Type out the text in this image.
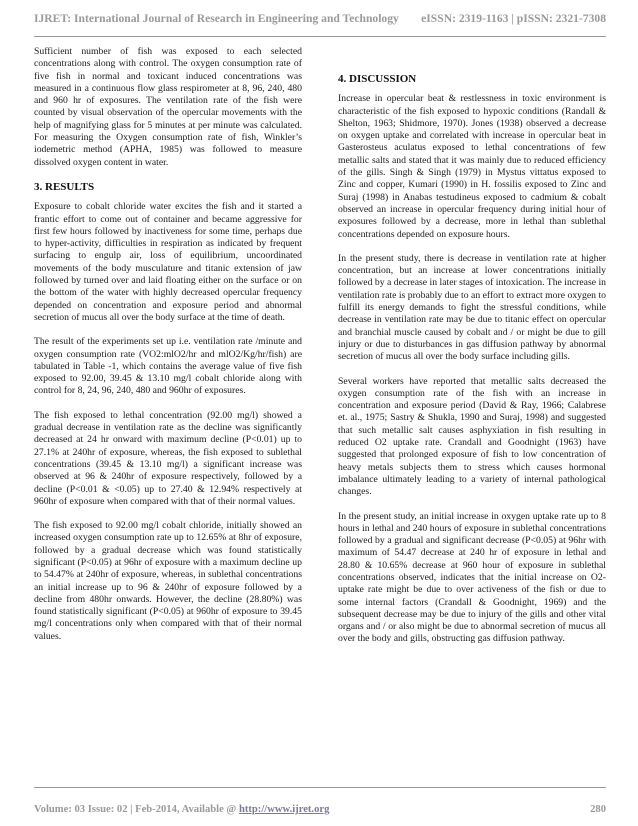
IJRET: International Journal of Research in Engineering and Technology eISSN: 2319-1163 | pISSN: 2321-7308

Sufficient number of fish was exposed to each selected concentrations along with control. The oxygen consumption rate of five fish in normal and toxicant induced concentrations was measured in a continuous flow glass respirometer at 8, 96, 240, 480 and 960 hr of exposures. The ventilation rate of the fish were counted by visual observation of the opercular movements with the help of magnifying glass for 5 minutes at per minute was calculated. For measuring the Oxygen consumption rate of fish, Winkler’s iodemetric method (APHA, 1985) was followed to measure dissolved oxygen content in water.

3. RESULTS

Exposure to cobalt chloride water excites the fish and it started a frantic effort to come out of container and became aggressive for first few hours followed by inactiveness for some time, perhaps due to hyper-activity, difficulties in respiration as indicated by frequent surfacing to engulp air, loss of equilibrium, uncoordinated movements of the body musculature and titanic extension of jaw followed by turned over and laid floating either on the surface or on the bottom of the water with highly decreased opercular frequency depended on concentration and exposure period and abnormal secretion of mucus all over the body surface at the time of death.

The result of the experiments set up i.e. ventilation rate /minute and oxygen consumption rate (VO2:mlO2/hr and mlO2/Kg/hr/fish) are tabulated in Table -1, which contains the average value of five fish exposed to 92.00, 39.45 & 13.10 mg/l cobalt chloride along with control for 8, 24, 96, 240, 480 and 960hr of exposures.

The fish exposed to lethal concentration (92.00 mg/l) showed a gradual decrease in ventilation rate as the decline was significantly decreased at 24 hr onward with maximum decline (P<0.01) up to 27.1% at 240hr of exposure, whereas, the fish exposed to sublethal concentrations (39.45 & 13.10 mg/l) a significant increase was observed at 96 & 240hr of exposure respectively, followed by a decline (P<0.01 & <0.05) up to 27.40 & 12.94% respectively at 960hr of exposure when compared with that of their normal values.

The fish exposed to 92.00 mg/l cobalt chloride, initially showed an increased oxygen consumption rate up to 12.65% at 8hr of exposure, followed by a gradual decrease which was found statistically significant (P<0.05) at 96hr of exposure with a maximum decline up to 54.47% at 240hr of exposure, whereas, in sublethal concentrations an initial increase up to 96 & 240hr of exposure followed by a decline from 480hr onwards. However, the decline (28.80%) was found statistically significant (P<0.05) at 960hr of exposure to 39.45 mg/l concentrations only when compared with that of their normal values.

4. DISCUSSION

Increase in opercular beat & restlessness in toxic environment is characteristic of the fish exposed to hypoxic conditions (Randall & Shelton, 1963; Shidmore, 1970). Jones (1938) observed a decrease on oxygen uptake and correlated with increase in opercular beat in Gasterosteus aculatus exposed to lethal concentrations of few metallic salts and stated that it was mainly due to reduced efficiency of the gills. Singh & Singh (1979) in Mystus vittatus exposed to Zinc and copper, Kumari (1990) in H. fossilis exposed to Zinc and Suraj (1998) in Anabas testudineus exposed to cadmium & cobalt observed an increase in opercular frequency during initial hour of exposures followed by a decrease, more in lethal than sublethal concentrations depended on exposure hours.

In the present study, there is decrease in ventilation rate at higher concentration, but an increase at lower concentrations initially followed by a decrease in later stages of intoxication. The increase in ventilation rate is probably due to an effort to extract more oxygen to fulfill its energy demands to fight the stressful conditions, while decrease in ventilation rate may be due to titanic effect on opercular and branchial muscle caused by cobalt and / or might be due to gill injury or due to disturbances in gas diffusion pathway by abnormal secretion of mucus all over the body surface including gills.

Several workers have reported that metallic salts decreased the oxygen consumption rate of the fish with an increase in concentration and exposure period (David & Ray, 1966; Calabrese et. al., 1975; Sastry & Shukla, 1990 and Suraj, 1998) and suggested that such metallic salt causes asphyxiation in fish resulting in reduced O2 uptake rate. Crandall and Goodnight (1963) have suggested that prolonged exposure of fish to low concentration of heavy metals subjects them to stress which causes hormonal imbalance ultimately leading to a variety of internal pathological changes.

In the present study, an initial increase in oxygen uptake rate up to 8 hours in lethal and 240 hours of exposure in sublethal concentrations followed by a gradual and significant decrease (P<0.05) at 96hr with maximum of 54.47 decrease at 240 hr of exposure in lethal and 28.80 & 10.65% decrease at 960 hour of exposure in sublethal concentrations observed, indicates that the initial increase on O2-uptake rate might be due to over activeness of the fish or due to some internal factors (Crandall & Goodnight, 1969) and the subsequent decrease may be due to injury of the gills and other vital organs and / or also might be due to abnormal secretion of mucus all over the body and gills, obstructing gas diffusion pathway.

Volume: 03 Issue: 02 | Feb-2014, Available @ http://www.ijret.org	280
